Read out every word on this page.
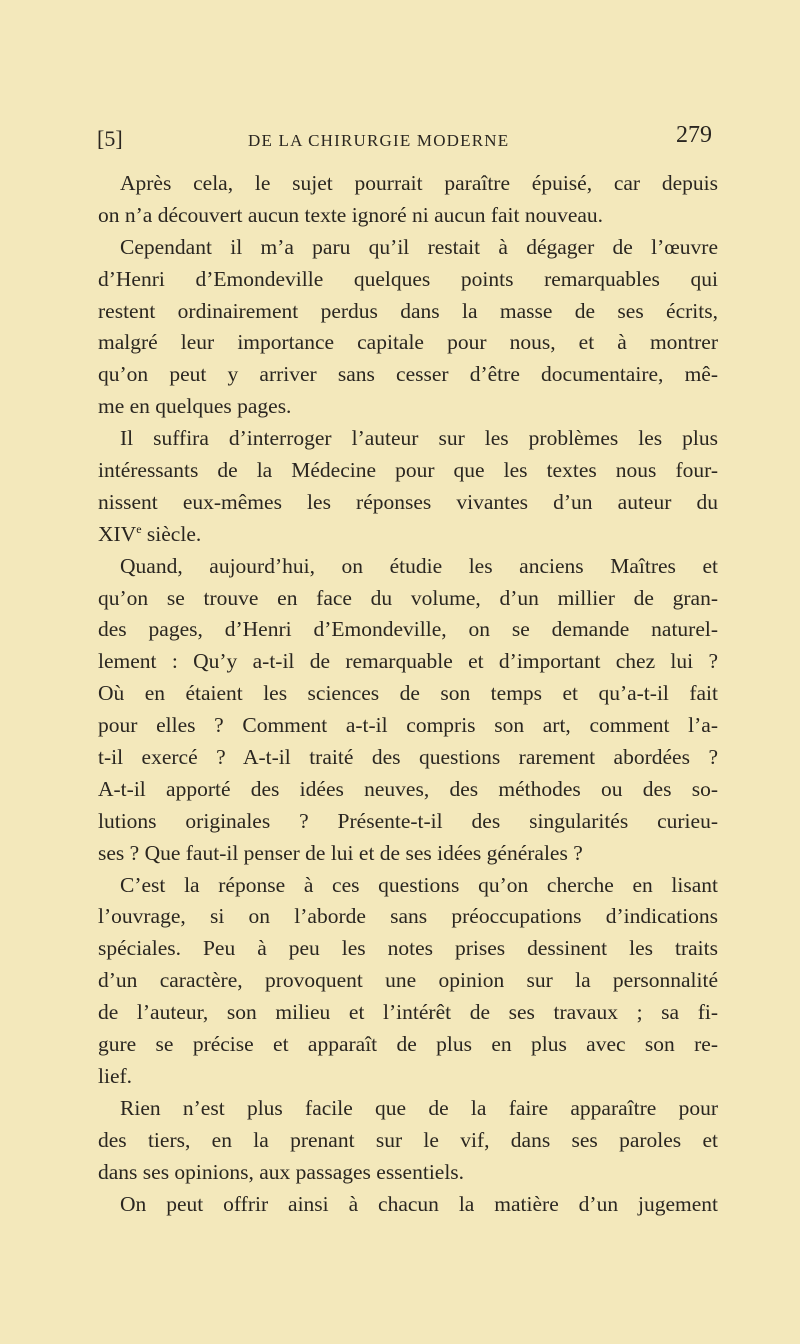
[5]	DE LA CHIRURGIE MODERNE	279
Après cela, le sujet pourrait paraître épuisé, car depuis
on n’a découvert aucun texte ignoré ni aucun fait nouveau.
Cependant il m’a paru qu’il restait à dégager de l’œuvre
d’Henri d’Emondeville quelques points remarquables qui
restent ordinairement perdus dans la masse de ses écrits,
malgré leur importance capitale pour nous, et à montrer
qu’on peut y arriver sans cesser d’être documentaire, mê-
me en quelques pages.
Il suffira d’interroger l’auteur sur les problèmes les plus
intéressants de la Médecine pour que les textes nous four-
nissent eux-mêmes les réponses vivantes d’un auteur du
XIVe siècle.
Quand, aujourd’hui, on étudie les anciens Maîtres et
qu’on se trouve en face du volume, d’un millier de gran-
des pages, d’Henri d’Emondeville, on se demande naturel-
lement : Qu’y a-t-il de remarquable et d’important chez lui ?
Où en étaient les sciences de son temps et qu’a-t-il fait
pour elles ? Comment a-t-il compris son art, comment l’a-
t-il exercé ? A-t-il traité des questions rarement abordées ?
A-t-il apporté des idées neuves, des méthodes ou des so-
lutions originales ? Présente-t-il des singularités curieu-
ses ? Que faut-il penser de lui et de ses idées générales ?
C’est la réponse à ces questions qu’on cherche en lisant
l’ouvrage, si on l’aborde sans préoccupations d’indications
spéciales. Peu à peu les notes prises dessinent les traits
d’un caractère, provoquent une opinion sur la personnalité
de l’auteur, son milieu et l’intérêt de ses travaux ; sa fi-
gure se précise et apparaît de plus en plus avec son re-
lief.
Rien n’est plus facile que de la faire apparaître pour
des tiers, en la prenant sur le vif, dans ses paroles et
dans ses opinions, aux passages essentiels.
On peut offrir ainsi à chacun la matière d’un jugement
